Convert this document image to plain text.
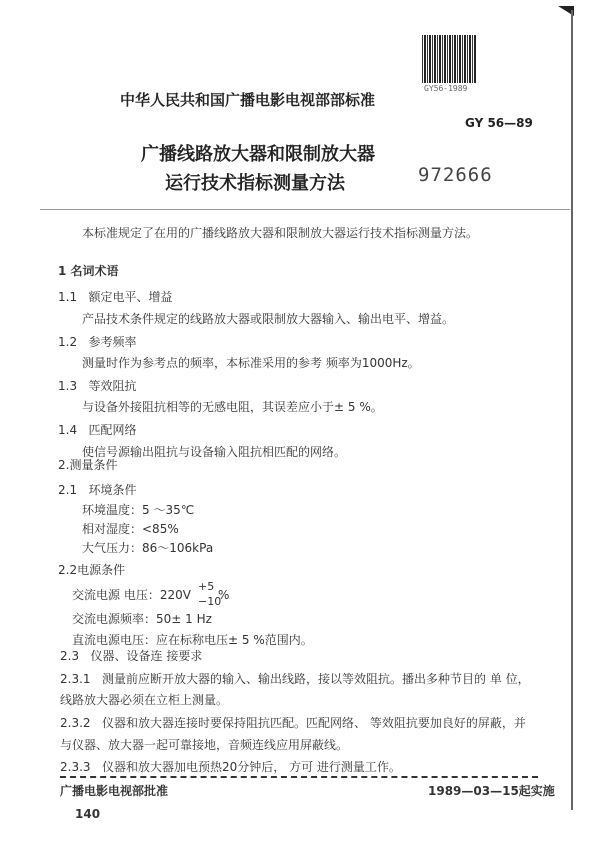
GY56-1989
中华人民共和国广播电影电视部部标准
GY 56—89
广播线路放大器和限制放大器
运行技术指标测量方法	972666
本标准规定了在用的广播线路放大器和限制放大器运行技术指标测量方法。
1 名词术语
1.1 额定电平、增益
产品技术条件规定的线路放大器或限制放大器输入、输出电平、增益。
1.2 参考频率
测量时作为参考点的频率，本标准采用的参考 频率为1000Hz。
1.3 等效阻抗
与设备外接阻抗相等的无感电阻，其误差应小于± 5 %。
1.4 匹配网络
使信号源输出阻抗与设备输入阻抗相匹配的网络。
2.测量条件
2.1 环境条件
环境温度：5 ～35℃
相对湿度：<85%
大气压力：86～106kPa
2.2电源条件
交流电源 电压：220V
+5
−10
%
交流电源频率：50± 1 Hz
直流电源电压：应在标称电压± 5 %范围内。
2.3 仪器、设备连 接要求
2.3.1 测量前应断开放大器的输入、输出线路，接以等效阻抗。播出多种节目的 单 位，
线路放大器必须在立柜上测量。
2.3.2 仪器和放大器连接时要保持阻抗匹配。匹配网络、 等效阻抗要加良好的屏蔽，并
与仪器、放大器一起可靠接地，音频连线应用屏蔽线。
2.3.3 仪器和放大器加电预热20分钟后， 方可 进行测量工作。
广播电影电视部批准	1989—03—15起实施
140
